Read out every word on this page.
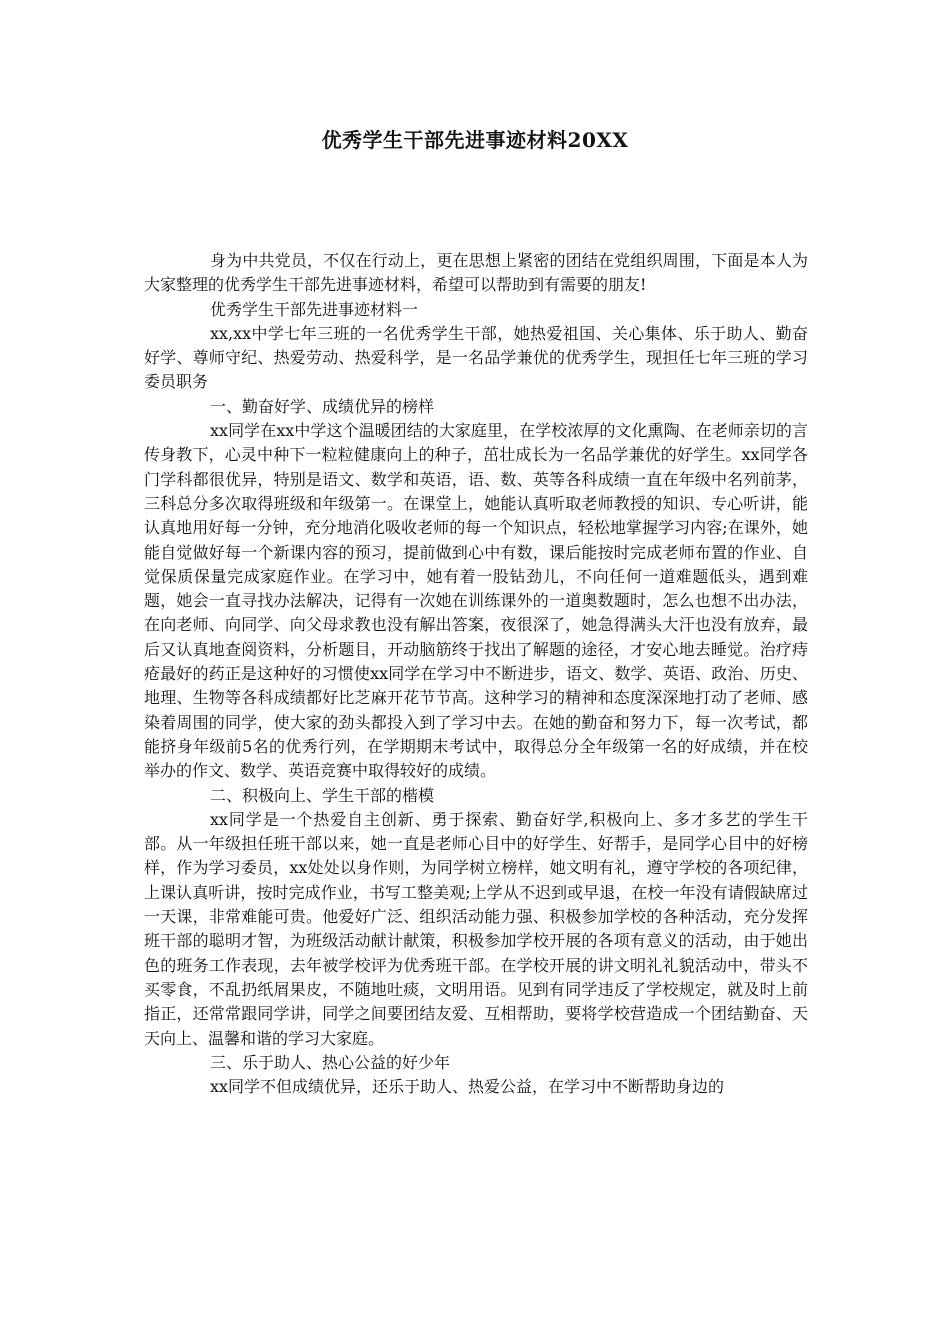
优秀学生干部先进事迹材料20XX

身为中共党员，不仅在行动上，更在思想上紧密的团结在党组织周围，下面是本人为大家整理的优秀学生干部先进事迹材料，希望可以帮助到有需要的朋友!

优秀学生干部先进事迹材料一

xx,xx中学七年三班的一名优秀学生干部，她热爱祖国、关心集体、乐于助人、勤奋好学、尊师守纪、热爱劳动、热爱科学，是一名品学兼优的优秀学生，现担任七年三班的学习委员职务

一、勤奋好学、成绩优异的榜样

xx同学在xx中学这个温暖团结的大家庭里，在学校浓厚的文化熏陶、在老师亲切的言传身教下，心灵中种下一粒粒健康向上的种子，茁壮成长为一名品学兼优的好学生。xx同学各门学科都很优异，特别是语文、数学和英语，语、数、英等各科成绩一直在年级中名列前茅，三科总分多次取得班级和年级第一。在课堂上，她能认真听取老师教授的知识、专心听讲，能认真地用好每一分钟，充分地消化吸收老师的每一个知识点，轻松地掌握学习内容;在课外，她能自觉做好每一个新课内容的预习，提前做到心中有数，课后能按时完成老师布置的作业、自觉保质保量完成家庭作业。在学习中，她有着一股钻劲儿，不向任何一道难题低头，遇到难题，她会一直寻找办法解决，记得有一次她在训练课外的一道奥数题时，怎么也想不出办法，在向老师、向同学、向父母求教也没有解出答案，夜很深了，她急得满头大汗也没有放弃，最后又认真地查阅资料，分析题目，开动脑筋终于找出了解题的途径，才安心地去睡觉。治疗痔疮最好的药正是这种好的习惯使xx同学在学习中不断进步，语文、数学、英语、政治、历史、地理、生物等各科成绩都好比芝麻开花节节高。这种学习的精神和态度深深地打动了老师、感染着周围的同学，使大家的劲头都投入到了学习中去。在她的勤奋和努力下，每一次考试，都能挤身年级前5名的优秀行列，在学期期末考试中，取得总分全年级第一名的好成绩，并在校举办的作文、数学、英语竞赛中取得较好的成绩。

二、积极向上、学生干部的楷模

xx同学是一个热爱自主创新、勇于探索、勤奋好学,积极向上、多才多艺的学生干部。从一年级担任班干部以来，她一直是老师心目中的好学生、好帮手，是同学心目中的好榜样，作为学习委员，xx处处以身作则，为同学树立榜样，她文明有礼，遵守学校的各项纪律，上课认真听讲，按时完成作业，书写工整美观;上学从不迟到或早退，在校一年没有请假缺席过一天课，非常难能可贵。他爱好广泛、组织活动能力强、积极参加学校的各种活动，充分发挥班干部的聪明才智，为班级活动献计献策，积极参加学校开展的各项有意义的活动，由于她出色的班务工作表现，去年被学校评为优秀班干部。在学校开展的讲文明礼礼貌活动中，带头不买零食，不乱扔纸屑果皮，不随地吐痰，文明用语。见到有同学违反了学校规定，就及时上前指正，还常常跟同学讲，同学之间要团结友爱、互相帮助，要将学校营造成一个团结勤奋、天天向上、温馨和谐的学习大家庭。

三、乐于助人、热心公益的好少年

xx同学不但成绩优异，还乐于助人、热爱公益，在学习中不断帮助身边的
